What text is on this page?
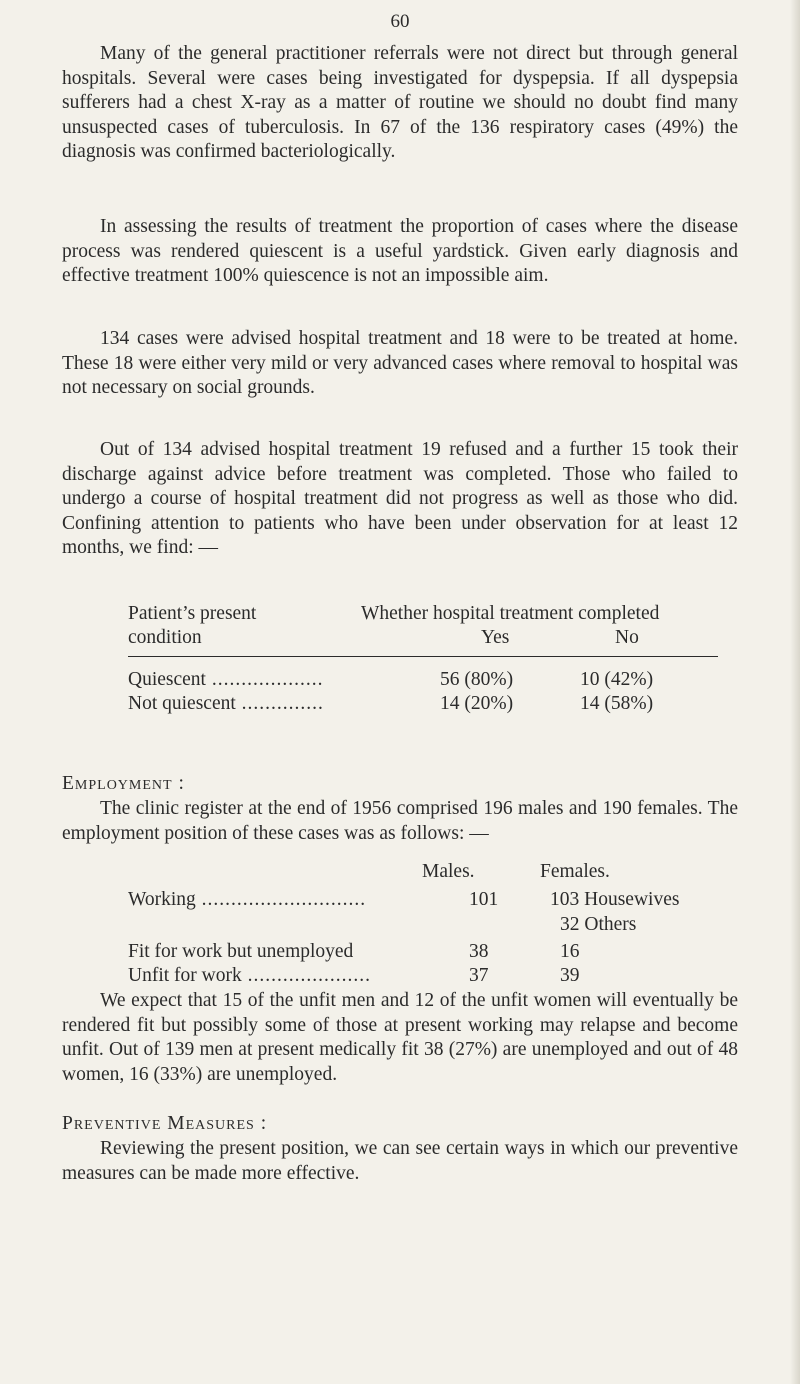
60

Many of the general practitioner referrals were not direct but through general hospitals. Several were cases being investigated for dyspepsia. If all dyspepsia sufferers had a chest X-ray as a matter of routine we should no doubt find many unsuspected cases of tuberculosis. In 67 of the 136 respiratory cases (49%) the diagnosis was confirmed bacteriologically.

In assessing the results of treatment the proportion of cases where the disease process was rendered quiescent is a useful yardstick. Given early diagnosis and effective treatment 100% quiescence is not an impossible aim.

134 cases were advised hospital treatment and 18 were to be treated at home. These 18 were either very mild or very advanced cases where removal to hospital was not necessary on social grounds.

Out of 134 advised hospital treatment 19 refused and a further 15 took their discharge against advice before treatment was completed. Those who failed to undergo a course of hospital treatment did not progress as well as those who did. Confining attention to patients who have been under observation for at least 12 months, we find: —

Patient’s present
condition
Whether hospital treatment completed
Yes	No
Quiescent ...................	56 (80%)	10 (42%)
Not quiescent ..............	14 (20%)	14 (58%)
Employment :

The clinic register at the end of 1956 comprised 196 males and 190 females. The employment position of these cases was as follows: —

Males.	Females.
Working ............................	101	103 Housewives
32 Others
Fit for work but unemployed	38	16
Unfit for work .....................	37	39

We expect that 15 of the unfit men and 12 of the unfit women will eventually be rendered fit but possibly some of those at present working may relapse and become unfit. Out of 139 men at present medically fit 38 (27%) are unemployed and out of 48 women, 16 (33%) are unemployed.

Preventive Measures :

Reviewing the present position, we can see certain ways in which our preventive measures can be made more effective.
